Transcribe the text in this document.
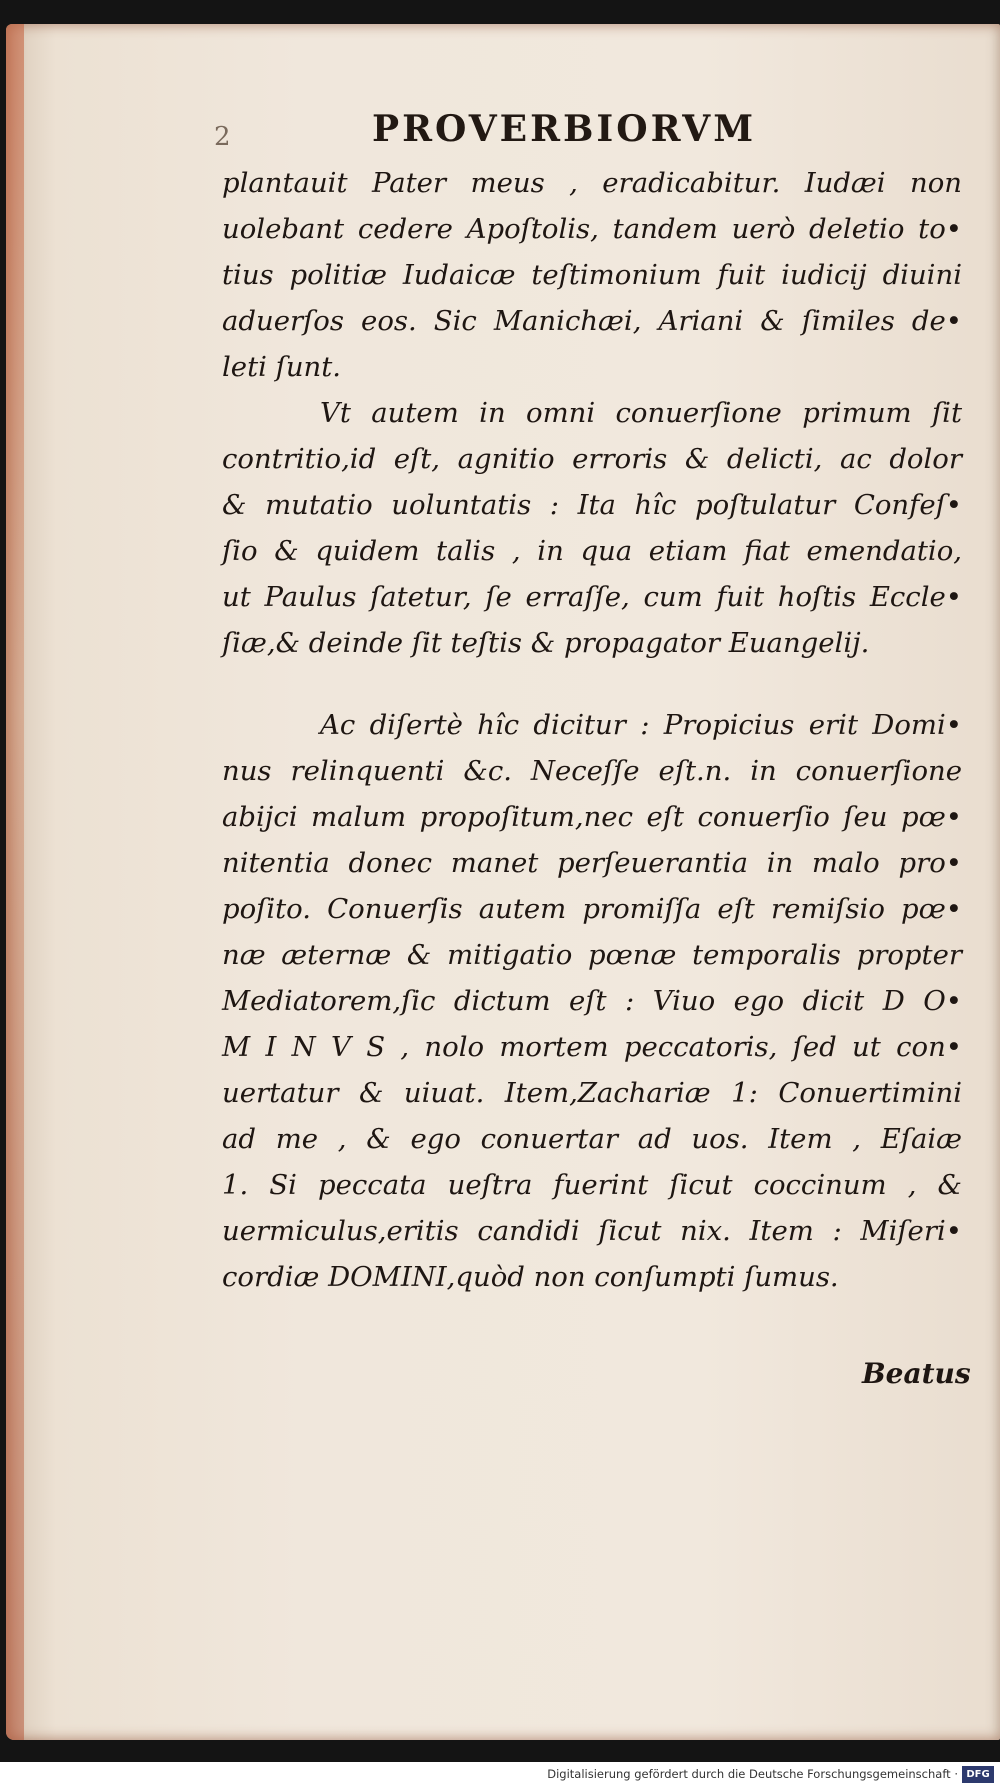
2	PROVERBIORVM
plantauit Pater meus , eradicabitur. Iudæi non
uolebant cedere Apoſtolis, tandem uerò deletio to•
tius politiæ Iudaicæ teſtimonium fuit iudicij diuini
aduerſos eos. Sic Manichæi, Ariani & ſimiles de•
leti ſunt.
Vt autem in omni conuerſione primum ſit
contritio,id eſt, agnitio erroris & delicti, ac dolor
& mutatio uoluntatis : Ita hîc poſtulatur Confeſ•
ſio & quidem talis , in qua etiam fiat emendatio,
ut Paulus ſatetur, ſe erraſſe, cum fuit hoſtis Eccle•
ſiæ,& deinde ſit teſtis & propagator Euangelij.
Ac diſertè hîc dicitur : Propicius erit Domi•
nus relinquenti &c. Neceſſe eſt.n. in conuerſione
abijci malum propoſitum,nec eſt conuerſio ſeu pœ•
nitentia donec manet perſeuerantia in malo pro•
poſito. Conuerſis autem promiſſa eſt remiſsio pœ•
næ æternæ & mitigatio pœnæ temporalis propter
Mediatorem,ſic dictum eſt : Viuo ego dicit D O•
M I N V S , nolo mortem peccatoris, ſed ut con•
uertatur & uiuat. Item,Zachariæ 1: Conuertimini
ad me , & ego conuertar ad uos. Item , Eſaiæ
1. Si peccata ueſtra fuerint ſicut coccinum , &
uermiculus,eritis candidi ſicut nix. Item : Miſeri•
cordiæ DOMINI,quòd non conſumpti ſumus.
Beatus
Digitalisierung gefördert durch die Deutsche Forschungsgemeinschaft · DFG
